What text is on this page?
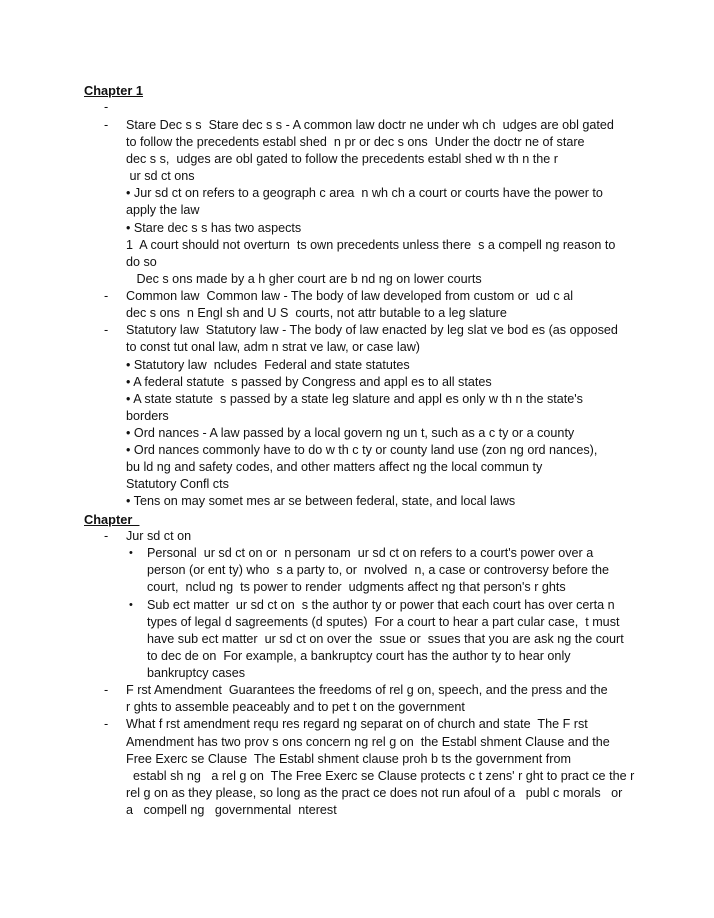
Chapter 1
-
- Stare Dec s s  Stare dec s s - A common law doctr ne under wh ch  udges are obl gated
to follow the precedents establ shed  n pr or dec s ons  Under the doctr ne of stare
dec s s,  udges are obl gated to follow the precedents establ shed w th n the r
ur sd ct ons
• Jur sd ct on refers to a geograph c area  n wh ch a court or courts have the power to
apply the law
• Stare dec s s has two aspects
1  A court should not overturn  ts own precedents unless there  s a compell ng reason to
do so
Dec s ons made by a h gher court are b nd ng on lower courts
- Common law  Common law - The body of law developed from custom or  ud c al
dec s ons  n Engl sh and U S  courts, not attr butable to a leg slature
- Statutory law  Statutory law - The body of law enacted by leg slat ve bod es (as opposed
to const tut onal law, adm n strat ve law, or case law)
• Statutory law  ncludes  Federal and state statutes
• A federal statute  s passed by Congress and appl es to all states
• A state statute  s passed by a state leg slature and appl es only w th n the state's
borders
• Ord nances - A law passed by a local govern ng un t, such as a c ty or a county
• Ord nances commonly have to do w th c ty or county land use (zon ng ord nances),
bu ld ng and safety codes, and other matters affect ng the local commun ty
Statutory Confl cts
• Tens on may somet mes ar se between federal, state, and local laws
Chapter
- Jur sd ct on
• Personal  ur sd ct on or  n personam  ur sd ct on refers to a court's power over a
person (or ent ty) who  s a party to, or  nvolved  n, a case or controversy before the
court,  nclud ng  ts power to render  udgments affect ng that person's r ghts
• Sub ect matter  ur sd ct on  s the author ty or power that each court has over certa n
types of legal d sagreements (d sputes)  For a court to hear a part cular case,  t must
have sub ect matter  ur sd ct on over the  ssue or  ssues that you are ask ng the court
to dec de on  For example, a bankruptcy court has the author ty to hear only
bankruptcy cases
- F rst Amendment  Guarantees the freedoms of rel g on, speech, and the press and the
r ghts to assemble peaceably and to pet t on the government
- What f rst amendment requ res regard ng separat on of church and state  The F rst
Amendment has two prov s ons concern ng rel g on  the Establ shment Clause and the
Free Exerc se Clause  The Establ shment clause proh b ts the government from
establ sh ng   a rel g on  The Free Exerc se Clause protects c t zens' r ght to pract ce the r
rel g on as they please, so long as the pract ce does not run afoul of a   publ c morals   or
a   compell ng   governmental  nterest
